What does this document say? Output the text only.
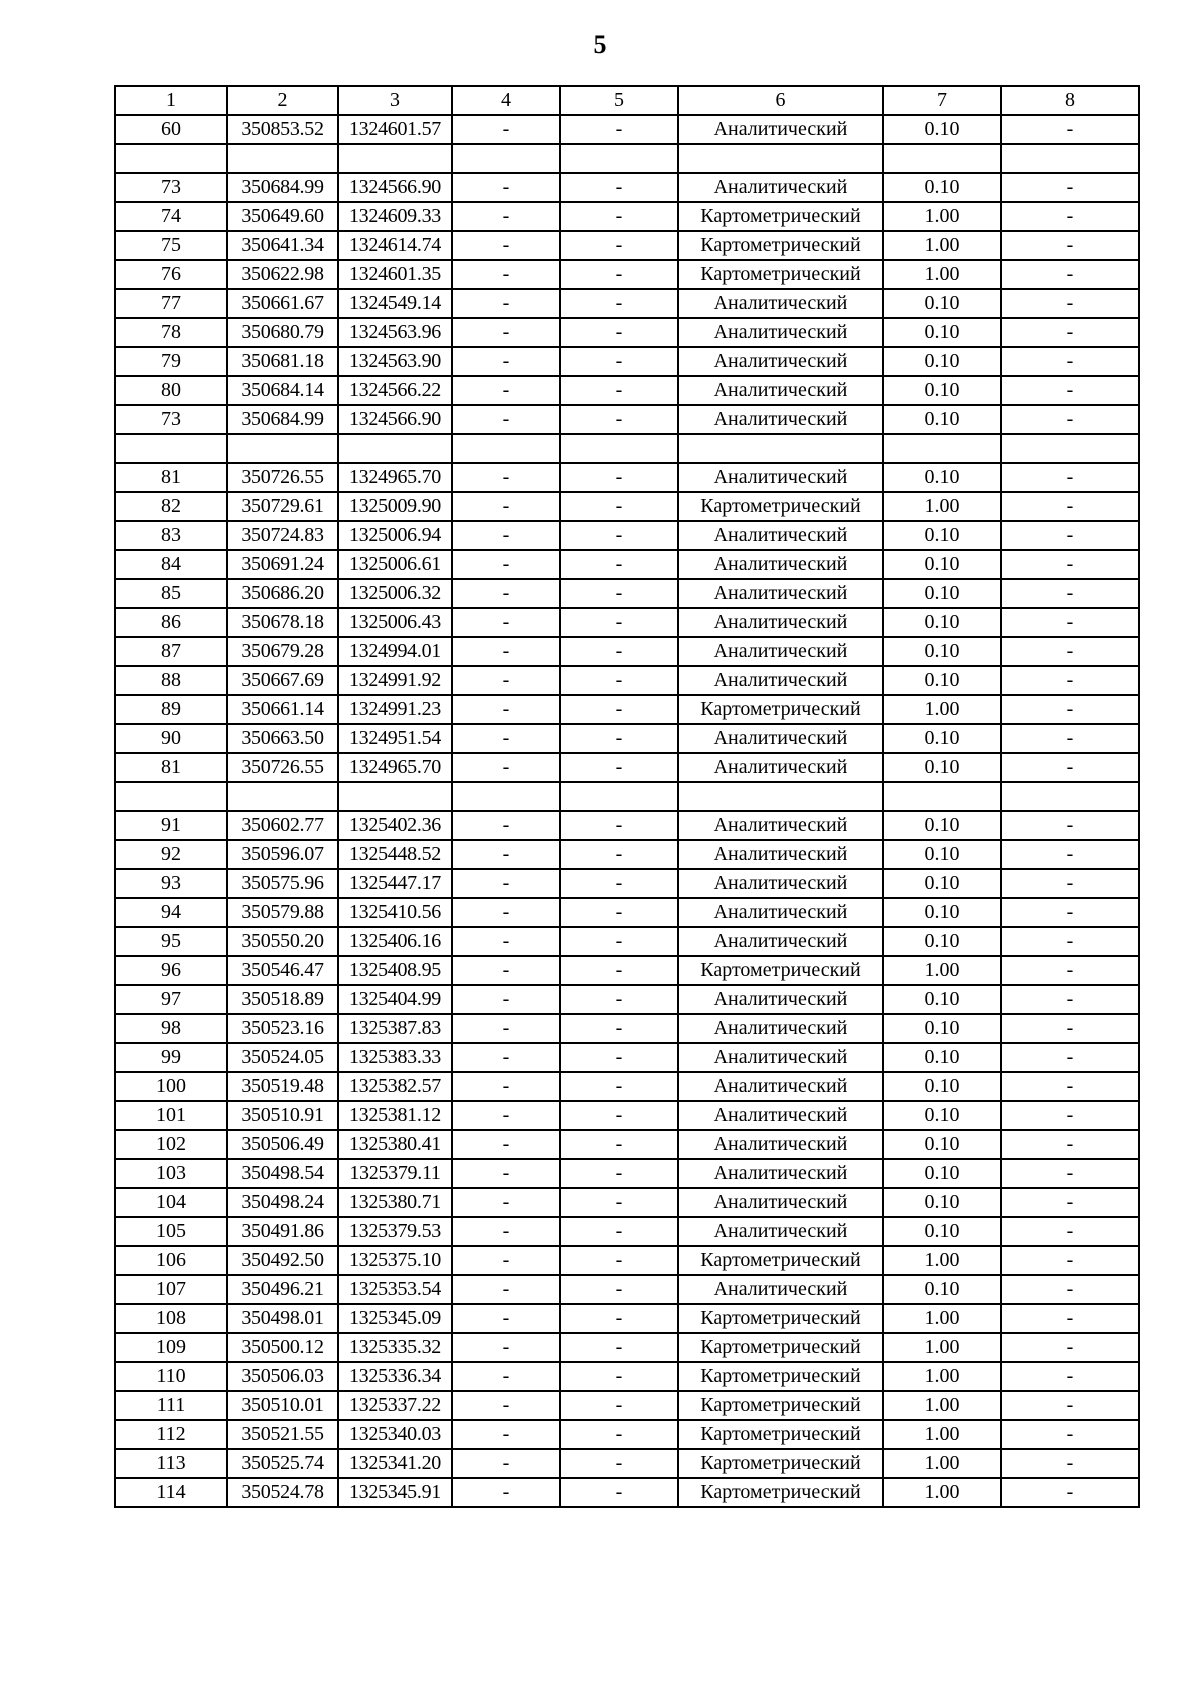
5
1	2	3	4	5	6	7	8
60	350853.52	1324601.57	-	-	Аналитический	0.10	-

73	350684.99	1324566.90	-	-	Аналитический	0.10	-
74	350649.60	1324609.33	-	-	Картометрический	1.00	-
75	350641.34	1324614.74	-	-	Картометрический	1.00	-
76	350622.98	1324601.35	-	-	Картометрический	1.00	-
77	350661.67	1324549.14	-	-	Аналитический	0.10	-
78	350680.79	1324563.96	-	-	Аналитический	0.10	-
79	350681.18	1324563.90	-	-	Аналитический	0.10	-
80	350684.14	1324566.22	-	-	Аналитический	0.10	-
73	350684.99	1324566.90	-	-	Аналитический	0.10	-

81	350726.55	1324965.70	-	-	Аналитический	0.10	-
82	350729.61	1325009.90	-	-	Картометрический	1.00	-
83	350724.83	1325006.94	-	-	Аналитический	0.10	-
84	350691.24	1325006.61	-	-	Аналитический	0.10	-
85	350686.20	1325006.32	-	-	Аналитический	0.10	-
86	350678.18	1325006.43	-	-	Аналитический	0.10	-
87	350679.28	1324994.01	-	-	Аналитический	0.10	-
88	350667.69	1324991.92	-	-	Аналитический	0.10	-
89	350661.14	1324991.23	-	-	Картометрический	1.00	-
90	350663.50	1324951.54	-	-	Аналитический	0.10	-
81	350726.55	1324965.70	-	-	Аналитический	0.10	-

91	350602.77	1325402.36	-	-	Аналитический	0.10	-
92	350596.07	1325448.52	-	-	Аналитический	0.10	-
93	350575.96	1325447.17	-	-	Аналитический	0.10	-
94	350579.88	1325410.56	-	-	Аналитический	0.10	-
95	350550.20	1325406.16	-	-	Аналитический	0.10	-
96	350546.47	1325408.95	-	-	Картометрический	1.00	-
97	350518.89	1325404.99	-	-	Аналитический	0.10	-
98	350523.16	1325387.83	-	-	Аналитический	0.10	-
99	350524.05	1325383.33	-	-	Аналитический	0.10	-
100	350519.48	1325382.57	-	-	Аналитический	0.10	-
101	350510.91	1325381.12	-	-	Аналитический	0.10	-
102	350506.49	1325380.41	-	-	Аналитический	0.10	-
103	350498.54	1325379.11	-	-	Аналитический	0.10	-
104	350498.24	1325380.71	-	-	Аналитический	0.10	-
105	350491.86	1325379.53	-	-	Аналитический	0.10	-
106	350492.50	1325375.10	-	-	Картометрический	1.00	-
107	350496.21	1325353.54	-	-	Аналитический	0.10	-
108	350498.01	1325345.09	-	-	Картометрический	1.00	-
109	350500.12	1325335.32	-	-	Картометрический	1.00	-
110	350506.03	1325336.34	-	-	Картометрический	1.00	-
111	350510.01	1325337.22	-	-	Картометрический	1.00	-
112	350521.55	1325340.03	-	-	Картометрический	1.00	-
113	350525.74	1325341.20	-	-	Картометрический	1.00	-
114	350524.78	1325345.91	-	-	Картометрический	1.00	-
